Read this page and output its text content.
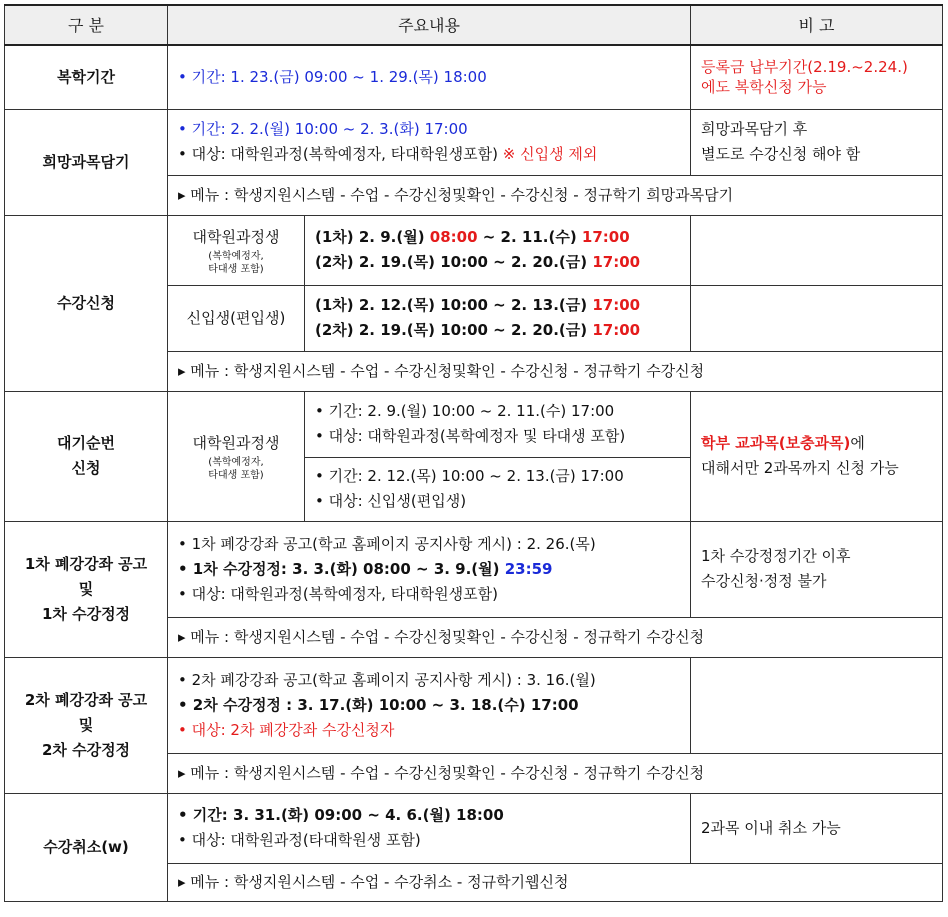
구 분	주요내용		비 고
복학기간	• 기간: 1. 23.(금) 09:00 ~ 1. 29.(목) 18:00		등록금 납부기간(2.19.~2.24.)
에도 복학신청 가능

희망과목담기	• 기간: 2. 2.(월) 10:00 ~ 2. 3.(화) 17:00
• 대상: 대학원과정(복학예정자, 타대학원생포함) ※ 신입생 제외		희망과목담기 후
별도로 수강신청 해야 함

	▸ 메뉴 : 학생지원시스템 - 수업 - 수강신청및확인 - 수강신청 - 정규학기 희망과목담기		
수강신청	대학원과정생
(복학예정자,
타대생 포함)	(1차) 2. 9.(월) 08:00 ~ 2. 11.(수) 17:00
(2차) 2. 19.(목) 10:00 ~ 2. 20.(금) 17:00	

	신입생(편입생)	(1차) 2. 12.(목) 10:00 ~ 2. 13.(금) 17:00
(2차) 2. 19.(목) 10:00 ~ 2. 20.(금) 17:00	

	▸ 메뉴 : 학생지원시스템 - 수업 - 수강신청및확인 - 수강신청 - 정규학기 수강신청		

대기순번
신청	대학원과정생
(복학예정자,
타대생 포함)	• 기간: 2. 9.(월) 10:00 ~ 2. 11.(수) 17:00
• 대상: 대학원과정(복학예정자 및 타대생 포함)	학부 교과목(보충과목)에
대해서만 2과목까지 신청 가능

		• 기간: 2. 12.(목) 10:00 ~ 2. 13.(금) 17:00
• 대상: 신입생(편입생)	

1차 폐강강좌 공고
및
1차 수강정정	• 1차 폐강강좌 공고(학교 홈페이지 공지사항 게시) : 2. 26.(목)
• 1차 수강정정: 3. 3.(화) 08:00 ~ 3. 9.(월) 23:59
• 대상: 대학원과정(복학예정자, 타대학원생포함)		1차 수강정정기간 이후
수강신청·정정 불가

	▸ 메뉴 : 학생지원시스템 - 수업 - 수강신청및확인 - 수강신청 - 정규학기 수강신청		

2차 폐강강좌 공고
및
2차 수강정정	• 2차 폐강강좌 공고(학교 홈페이지 공지사항 게시) : 3. 16.(월)
• 2차 수강정정 : 3. 17.(화) 10:00 ~ 3. 18.(수) 17:00
• 대상: 2차 폐강강좌 수강신청자		

	▸ 메뉴 : 학생지원시스템 - 수업 - 수강신청및확인 - 수강신청 - 정규학기 수강신청		
수강취소(w)	• 기간: 3. 31.(화) 09:00 ~ 4. 6.(월) 18:00
• 대상: 대학원과정(타대학원생 포함)		2과목 이내 취소 가능
	▸ 메뉴 : 학생지원시스템 - 수업 - 수강취소 - 정규학기웹신청		
